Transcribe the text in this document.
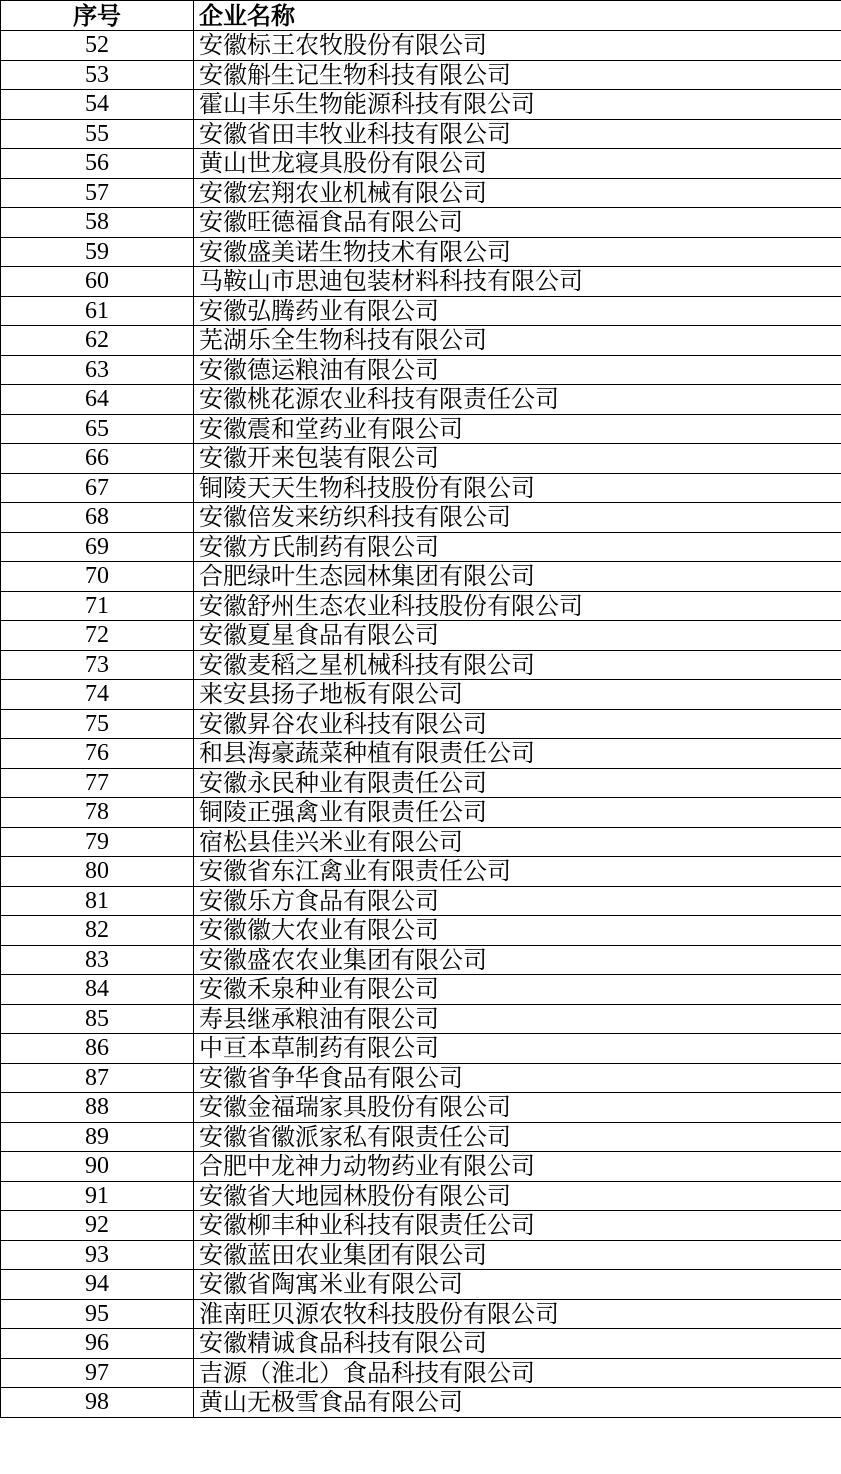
序号	企业名称
52	安徽标王农牧股份有限公司
53	安徽斛生记生物科技有限公司
54	霍山丰乐生物能源科技有限公司
55	安徽省田丰牧业科技有限公司
56	黄山世龙寝具股份有限公司
57	安徽宏翔农业机械有限公司
58	安徽旺德福食品有限公司
59	安徽盛美诺生物技术有限公司
60	马鞍山市思迪包装材料科技有限公司
61	安徽弘腾药业有限公司
62	芜湖乐全生物科技有限公司
63	安徽德运粮油有限公司
64	安徽桃花源农业科技有限责任公司
65	安徽震和堂药业有限公司
66	安徽开来包装有限公司
67	铜陵天天生物科技股份有限公司
68	安徽倍发来纺织科技有限公司
69	安徽方氏制药有限公司
70	合肥绿叶生态园林集团有限公司
71	安徽舒州生态农业科技股份有限公司
72	安徽夏星食品有限公司
73	安徽麦稻之星机械科技有限公司
74	来安县扬子地板有限公司
75	安徽昇谷农业科技有限公司
76	和县海豪蔬菜种植有限责任公司
77	安徽永民种业有限责任公司
78	铜陵正强禽业有限责任公司
79	宿松县佳兴米业有限公司
80	安徽省东江禽业有限责任公司
81	安徽乐方食品有限公司
82	安徽徽大农业有限公司
83	安徽盛农农业集团有限公司
84	安徽禾泉种业有限公司
85	寿县继承粮油有限公司
86	中亘本草制药有限公司
87	安徽省争华食品有限公司
88	安徽金福瑞家具股份有限公司
89	安徽省徽派家私有限责任公司
90	合肥中龙神力动物药业有限公司
91	安徽省大地园林股份有限公司
92	安徽柳丰种业科技有限责任公司
93	安徽蓝田农业集团有限公司
94	安徽省陶寓米业有限公司
95	淮南旺贝源农牧科技股份有限公司
96	安徽精诚食品科技有限公司
97	吉源（淮北）食品科技有限公司
98	黄山无极雪食品有限公司
